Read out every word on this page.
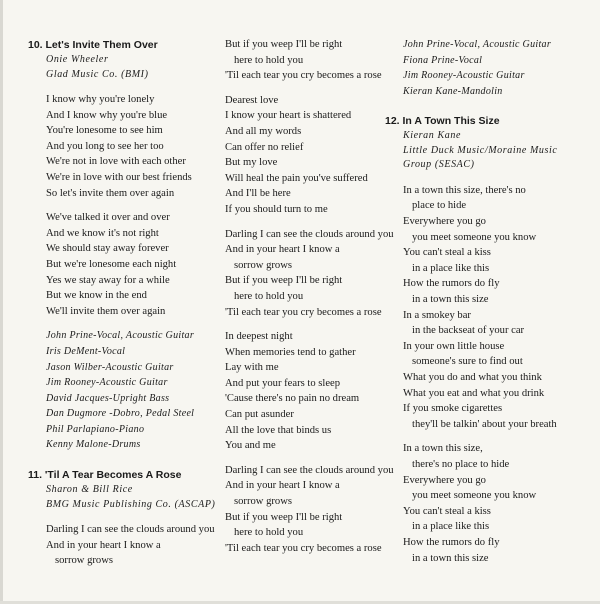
10. Let's Invite Them Over
Onie Wheeler
Glad Music Co. (BMI)
I know why you're lonely
And I know why you're blue
You're lonesome to see him
And you long to see her too
We're not in love with each other
We're in love with our best friends
So let's invite them over again
We've talked it over and over
And we know it's not right
We should stay away forever
But we're lonesome each night
Yes we stay away for a while
But we know in the end
We'll invite them over again
John Prine-Vocal, Acoustic Guitar
Iris DeMent-Vocal
Jason Wilber-Acoustic Guitar
Jim Rooney-Acoustic Guitar
David Jacques-Upright Bass
Dan Dugmore -Dobro, Pedal Steel
Phil Parlapiano-Piano
Kenny Malone-Drums
11. 'Til A Tear Becomes A Rose
Sharon & Bill Rice
BMG Music Publishing Co. (ASCAP)
Darling I can see the clouds around you
And in your heart I know a
sorrow grows
But if you weep I'll be right
here to hold you
'Til each tear you cry becomes a rose
Dearest love
I know your heart is shattered
And all my words
Can offer no relief
But my love
Will heal the pain you've suffered
And I'll be here
If you should turn to me
Darling I can see the clouds around you
And in your heart I know a
sorrow grows
But if you weep I'll be right
here to hold you
'Til each tear you cry becomes a rose
In deepest night
When memories tend to gather
Lay with me
And put your fears to sleep
'Cause there's no pain no dream
Can put asunder
All the love that binds us
You and me
Darling I can see the clouds around you
And in your heart I know a
sorrow grows
But if you weep I'll be right
here to hold you
'Til each tear you cry becomes a rose
John Prine-Vocal, Acoustic Guitar
Fiona Prine-Vocal
Jim Rooney-Acoustic Guitar
Kieran Kane-Mandolin
12. In A Town This Size
Kieran Kane
Little Duck Music/Moraine Music
Group (SESAC)
In a town this size, there's no
place to hide
Everywhere you go
you meet someone you know
You can't steal a kiss
in a place like this
How the rumors do fly
in a town this size
In a smokey bar
in the backseat of your car
In your own little house
someone's sure to find out
What you do and what you think
What you eat and what you drink
If you smoke cigarettes
they'll be talkin' about your breath
In a town this size,
there's no place to hide
Everywhere you go
you meet someone you know
You can't steal a kiss
in a place like this
How the rumors do fly
in a town this size
